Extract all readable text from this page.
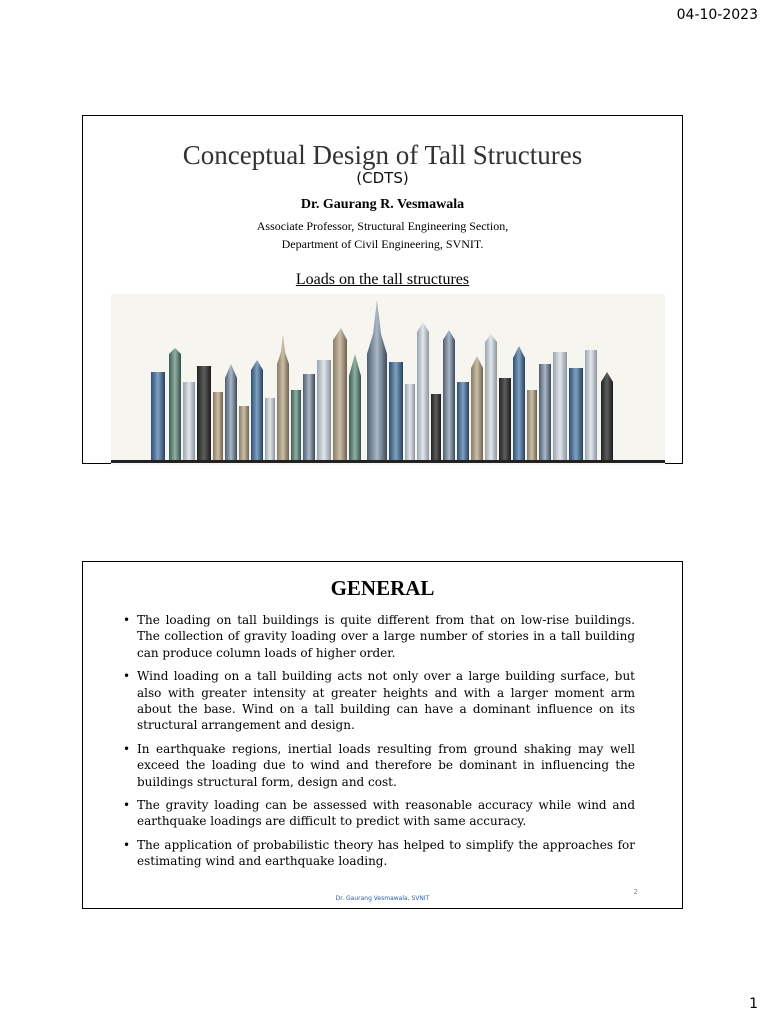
04-10-2023
Conceptual Design of Tall Structures
(CDTS)
Dr. Gaurang R. Vesmawala
Associate Professor, Structural Engineering Section,
Department of Civil Engineering, SVNIT.
Loads on the tall structures
GENERAL
• The loading on tall buildings is quite different from that on low-rise buildings. The collection of gravity loading over a large number of stories in a tall building can produce column loads of higher order.
• Wind loading on a tall building acts not only over a large building surface, but also with greater intensity at greater heights and with a larger moment arm about the base. Wind on a tall building can have a dominant influence on its structural arrangement and design.
• In earthquake regions, inertial loads resulting from ground shaking may well exceed the loading due to wind and therefore be dominant in influencing the buildings structural form, design and cost.
• The gravity loading can be assessed with reasonable accuracy while wind and earthquake loadings are difficult to predict with same accuracy.
• The application of probabilistic theory has helped to simplify the approaches for estimating wind and earthquake loading.
2
Dr. Gaurang Vesmawala, SVNIT
1
